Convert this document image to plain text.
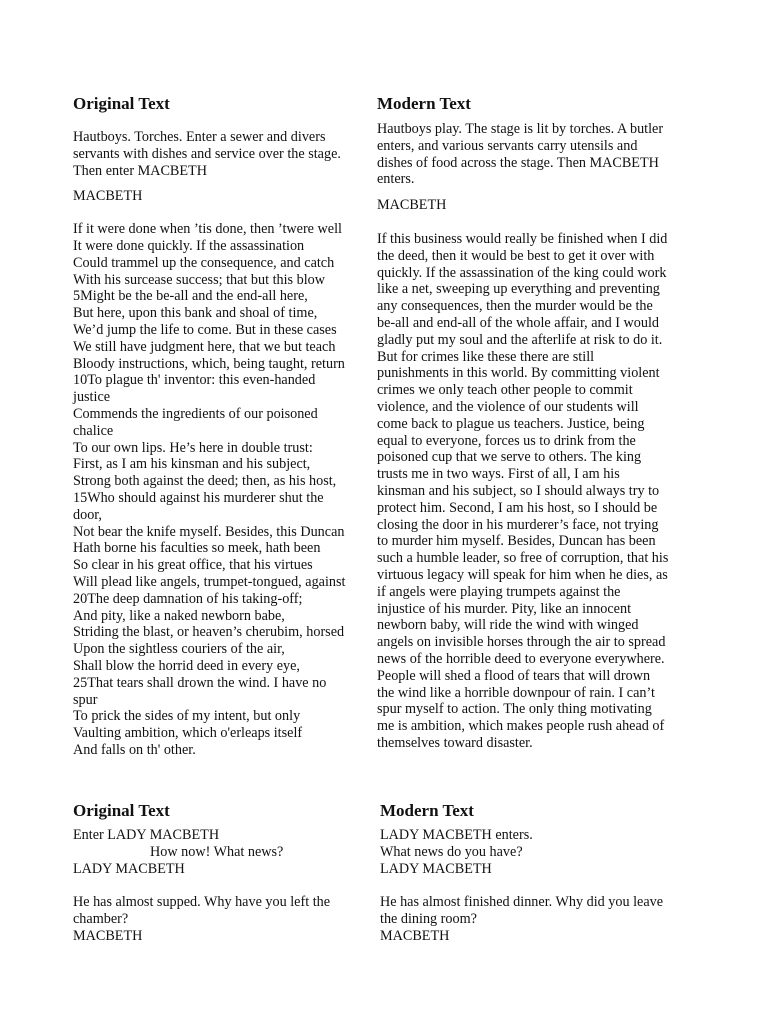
Original Text
Hautboys. Torches. Enter a sewer and divers
servants with dishes and service over the stage.
Then enter MACBETH
MACBETH
If it were done when ’tis done, then ’twere well
It were done quickly. If the assassination
Could trammel up the consequence, and catch
With his surcease success; that but this blow
5Might be the be-all and the end-all here,
But here, upon this bank and shoal of time,
We’d jump the life to come. But in these cases
We still have judgment here, that we but teach
Bloody instructions, which, being taught, return
10To plague th' inventor: this even-handed
justice
Commends the ingredients of our poisoned
chalice
To our own lips. He’s here in double trust:
First, as I am his kinsman and his subject,
Strong both against the deed; then, as his host,
15Who should against his murderer shut the
door,
Not bear the knife myself. Besides, this Duncan
Hath borne his faculties so meek, hath been
So clear in his great office, that his virtues
Will plead like angels, trumpet-tongued, against
20The deep damnation of his taking-off;
And pity, like a naked newborn babe,
Striding the blast, or heaven’s cherubim, horsed
Upon the sightless couriers of the air,
Shall blow the horrid deed in every eye,
25That tears shall drown the wind. I have no
spur
To prick the sides of my intent, but only
Vaulting ambition, which o'erleaps itself
And falls on th' other.
Modern Text
Hautboys play. The stage is lit by torches. A butler
enters, and various servants carry utensils and
dishes of food across the stage. Then MACBETH
enters.
MACBETH
If this business would really be finished when I did
the deed, then it would be best to get it over with
quickly. If the assassination of the king could work
like a net, sweeping up everything and preventing
any consequences, then the murder would be the
be-all and end-all of the whole affair, and I would
gladly put my soul and the afterlife at risk to do it.
But for crimes like these there are still
punishments in this world. By committing violent
crimes we only teach other people to commit
violence, and the violence of our students will
come back to plague us teachers. Justice, being
equal to everyone, forces us to drink from the
poisoned cup that we serve to others. The king
trusts me in two ways. First of all, I am his
kinsman and his subject, so I should always try to
protect him. Second, I am his host, so I should be
closing the door in his murderer’s face, not trying
to murder him myself. Besides, Duncan has been
such a humble leader, so free of corruption, that his
virtuous legacy will speak for him when he dies, as
if angels were playing trumpets against the
injustice of his murder. Pity, like an innocent
newborn baby, will ride the wind with winged
angels on invisible horses through the air to spread
news of the horrible deed to everyone everywhere.
People will shed a flood of tears that will drown
the wind like a horrible downpour of rain. I can’t
spur myself to action. The only thing motivating
me is ambition, which makes people rush ahead of
themselves toward disaster.
Original Text
Enter LADY MACBETH
How now! What news?
LADY MACBETH
He has almost supped. Why have you left the
chamber?
MACBETH
Modern Text
LADY MACBETH enters.
What news do you have?
LADY MACBETH
He has almost finished dinner. Why did you leave
the dining room?
MACBETH
